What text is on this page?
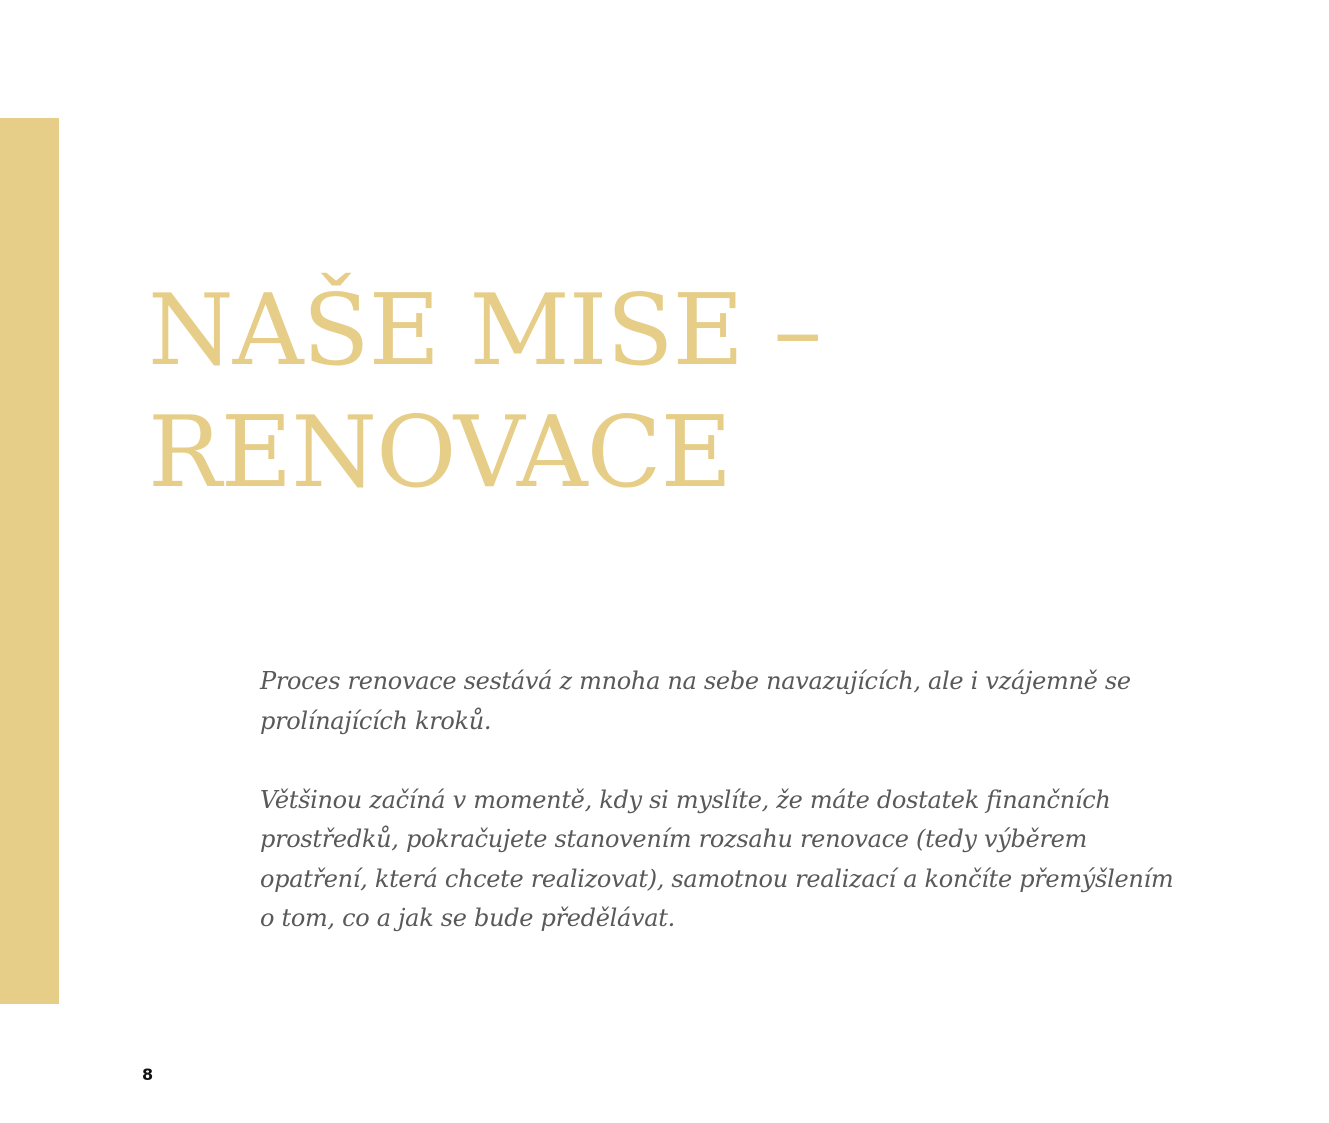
NAŠE MISE –
RENOVACE

Proces renovace sestává z mnoha na sebe navazujících, ale i vzájemně se prolínajících kroků.

Většinou začíná v momentě, kdy si myslíte, že máte dostatek finančních prostředků, pokračujete stanovením rozsahu renovace (tedy výběrem opatření, která chcete realizovat), samotnou realizací a končíte přemýšlením o tom, co a jak se bude předělávat.

8
